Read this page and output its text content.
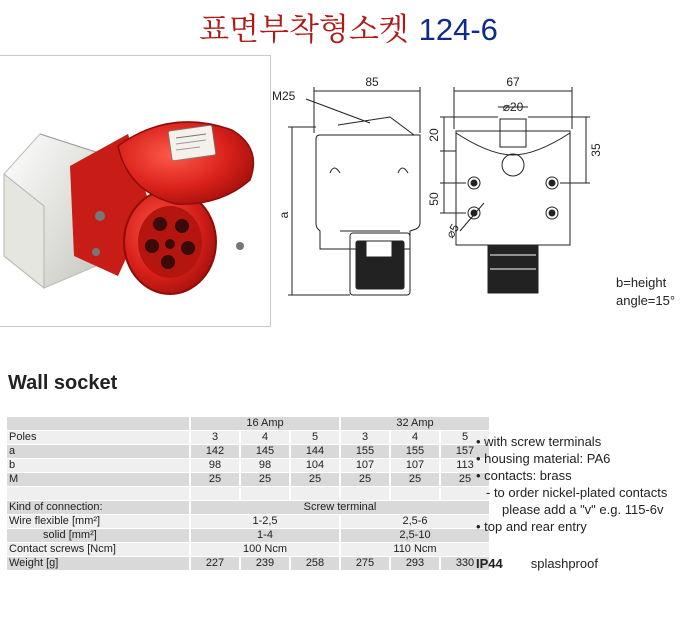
표면부착형소켓 124-6
85
M25
a
67
⌀20
20
50
35
⌀5
b=height
angle=15°
Wall socket
	16 Amp			32 Amp		
Poles	3	4	5	3	4	5
a	142	145	144	155	155	157
b	98	98	104	107	107	113
M	25	25	25	25	25	25

Kind of connection:	Screw terminal					
Wire flexible [mm²]	1-2,5			2,5-6		
solid [mm²]	1-4			2,5-10		
Contact screws [Ncm]	100 Ncm			110 Ncm		
Weight [g]	227	239	258	275	293	330
• with screw terminals
• housing material: PA6
• contacts: brass
- to order nickel-plated contacts
please add a "v" e.g. 115-6v
• top and rear entry
IP44 splashproof
